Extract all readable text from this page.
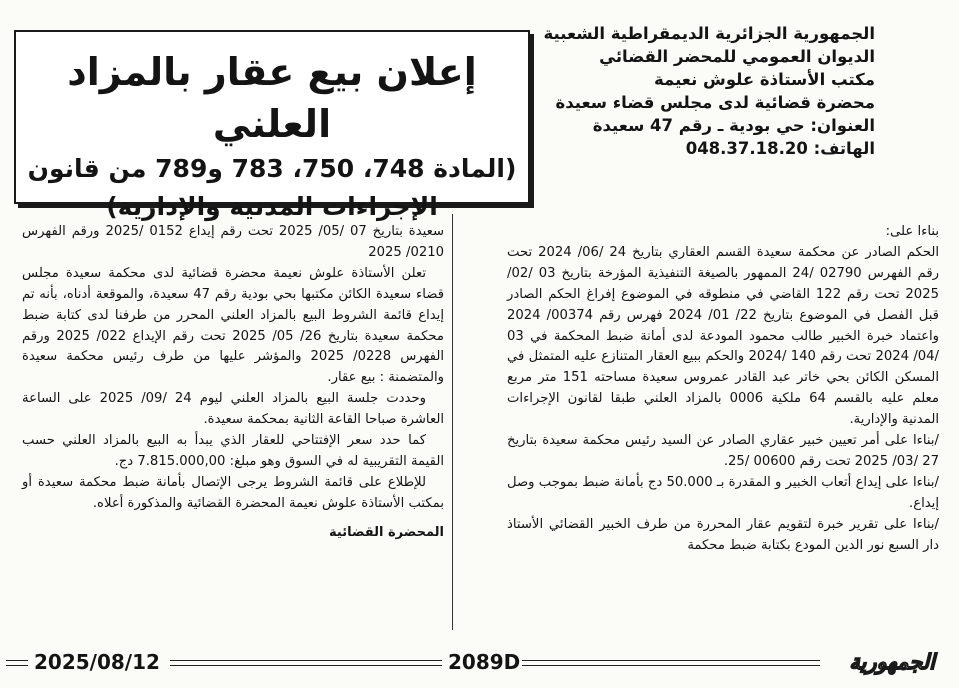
الجمهورية الجزائرية الديمقراطية الشعبية
الديوان العمومي للمحضر القضائي
مكتب الأستاذة علوش نعيمة
محضرة قضائية لدى مجلس قضاء سعيدة
العنوان: حي بودية ـ رقم 47 سعيدة
الهاتف: 048.37.18.20
إعلان بيع عقار بالمزاد العلني
(المادة 748، 750، 783 و789 من قانون
الإجراءات المدنية والإدارية)

بناءا على:

الحكم الصادر عن محكمة سعيدة القسم العقاري بتاريخ 24 /06/ 2024 تحت رقم الفهرس 02790 /24 الممهور بالصيغة التنفيذية المؤرخة بتاريخ 03 /02/ 2025 تحت رقم 122 القاضي في منطوقه في الموضوع إفراغ الحكم الصادر قبل الفصل في الموضوع بتاريخ 22/ 01/ 2024 فهرس رقم 00374/ 2024 واعتماد خبرة الخبير طالب محمود المودعة لدى أمانة ضبط المحكمة في 03 /04/ 2024 تحت رقم 140 /2024 والحكم ببيع العقار المتنازع عليه المتمثل في المسكن الكائن بحي خاتر عبد القادر عمروس سعيدة مساحته 151 متر مربع معلم عليه بالقسم 64 ملكية 0006 بالمزاد العلني طبقا لقانون الإجراءات المدنية والإدارية.

/بناءا على أمر تعيين خبير عقاري الصادر عن السيد رئيس محكمة سعيدة بتاريخ 27 /03/ 2025 تحت رقم 00600 /25.

/بناءا على إيداع أتعاب الخبير و المقدرة بـ 50.000 دج بأمانة ضبط بموجب وصل إيداع.

/بناءا على تقرير خبرة لتقويم عقار المحررة من طرف الخبير القضائي الأستاذ دار السبع نور الدين المودع بكتابة ضبط محكمة

سعيدة بتاريخ 07 /05/ 2025 تحت رقم إيداع 0152 /2025 ورقم الفهرس 0210/ 2025

تعلن الأستاذة علوش نعيمة محضرة قضائية لدى محكمة سعيدة مجلس قضاء سعيدة الكائن مكتبها بحي بودية رقم 47 سعيدة، والموقعة أدناه، بأنه تم إيداع قائمة الشروط البيع بالمزاد العلني المحرر من طرفنا لدى كتابة ضبط محكمة سعيدة بتاريخ 26/ 05/ 2025 تحت رقم الإيداع 022/ 2025 ورقم الفهرس 0228/ 2025 والمؤشر عليها من طرف رئيس محكمة سعيدة والمتضمنة : بيع عقار.

وحددت جلسة البيع بالمزاد العلني ليوم 24 /09/ 2025 على الساعة العاشرة صباحا القاعة الثانية بمحكمة سعيدة.

كما حدد سعر الإفتتاحي للعقار الذي يبدأ به البيع بالمزاد العلني حسب القيمة التقريبية له في السوق وهو مبلغ: 7.815.000,00 دج.

للإطلاع على قائمة الشروط يرجى الإتصال بأمانة ضبط محكمة سعيدة أو بمكتب الأستاذة علوش نعيمة المحضرة القضائية والمذكورة أعلاه.

المحضرة القضائية

2025/08/12	2089D	الجمهورية
